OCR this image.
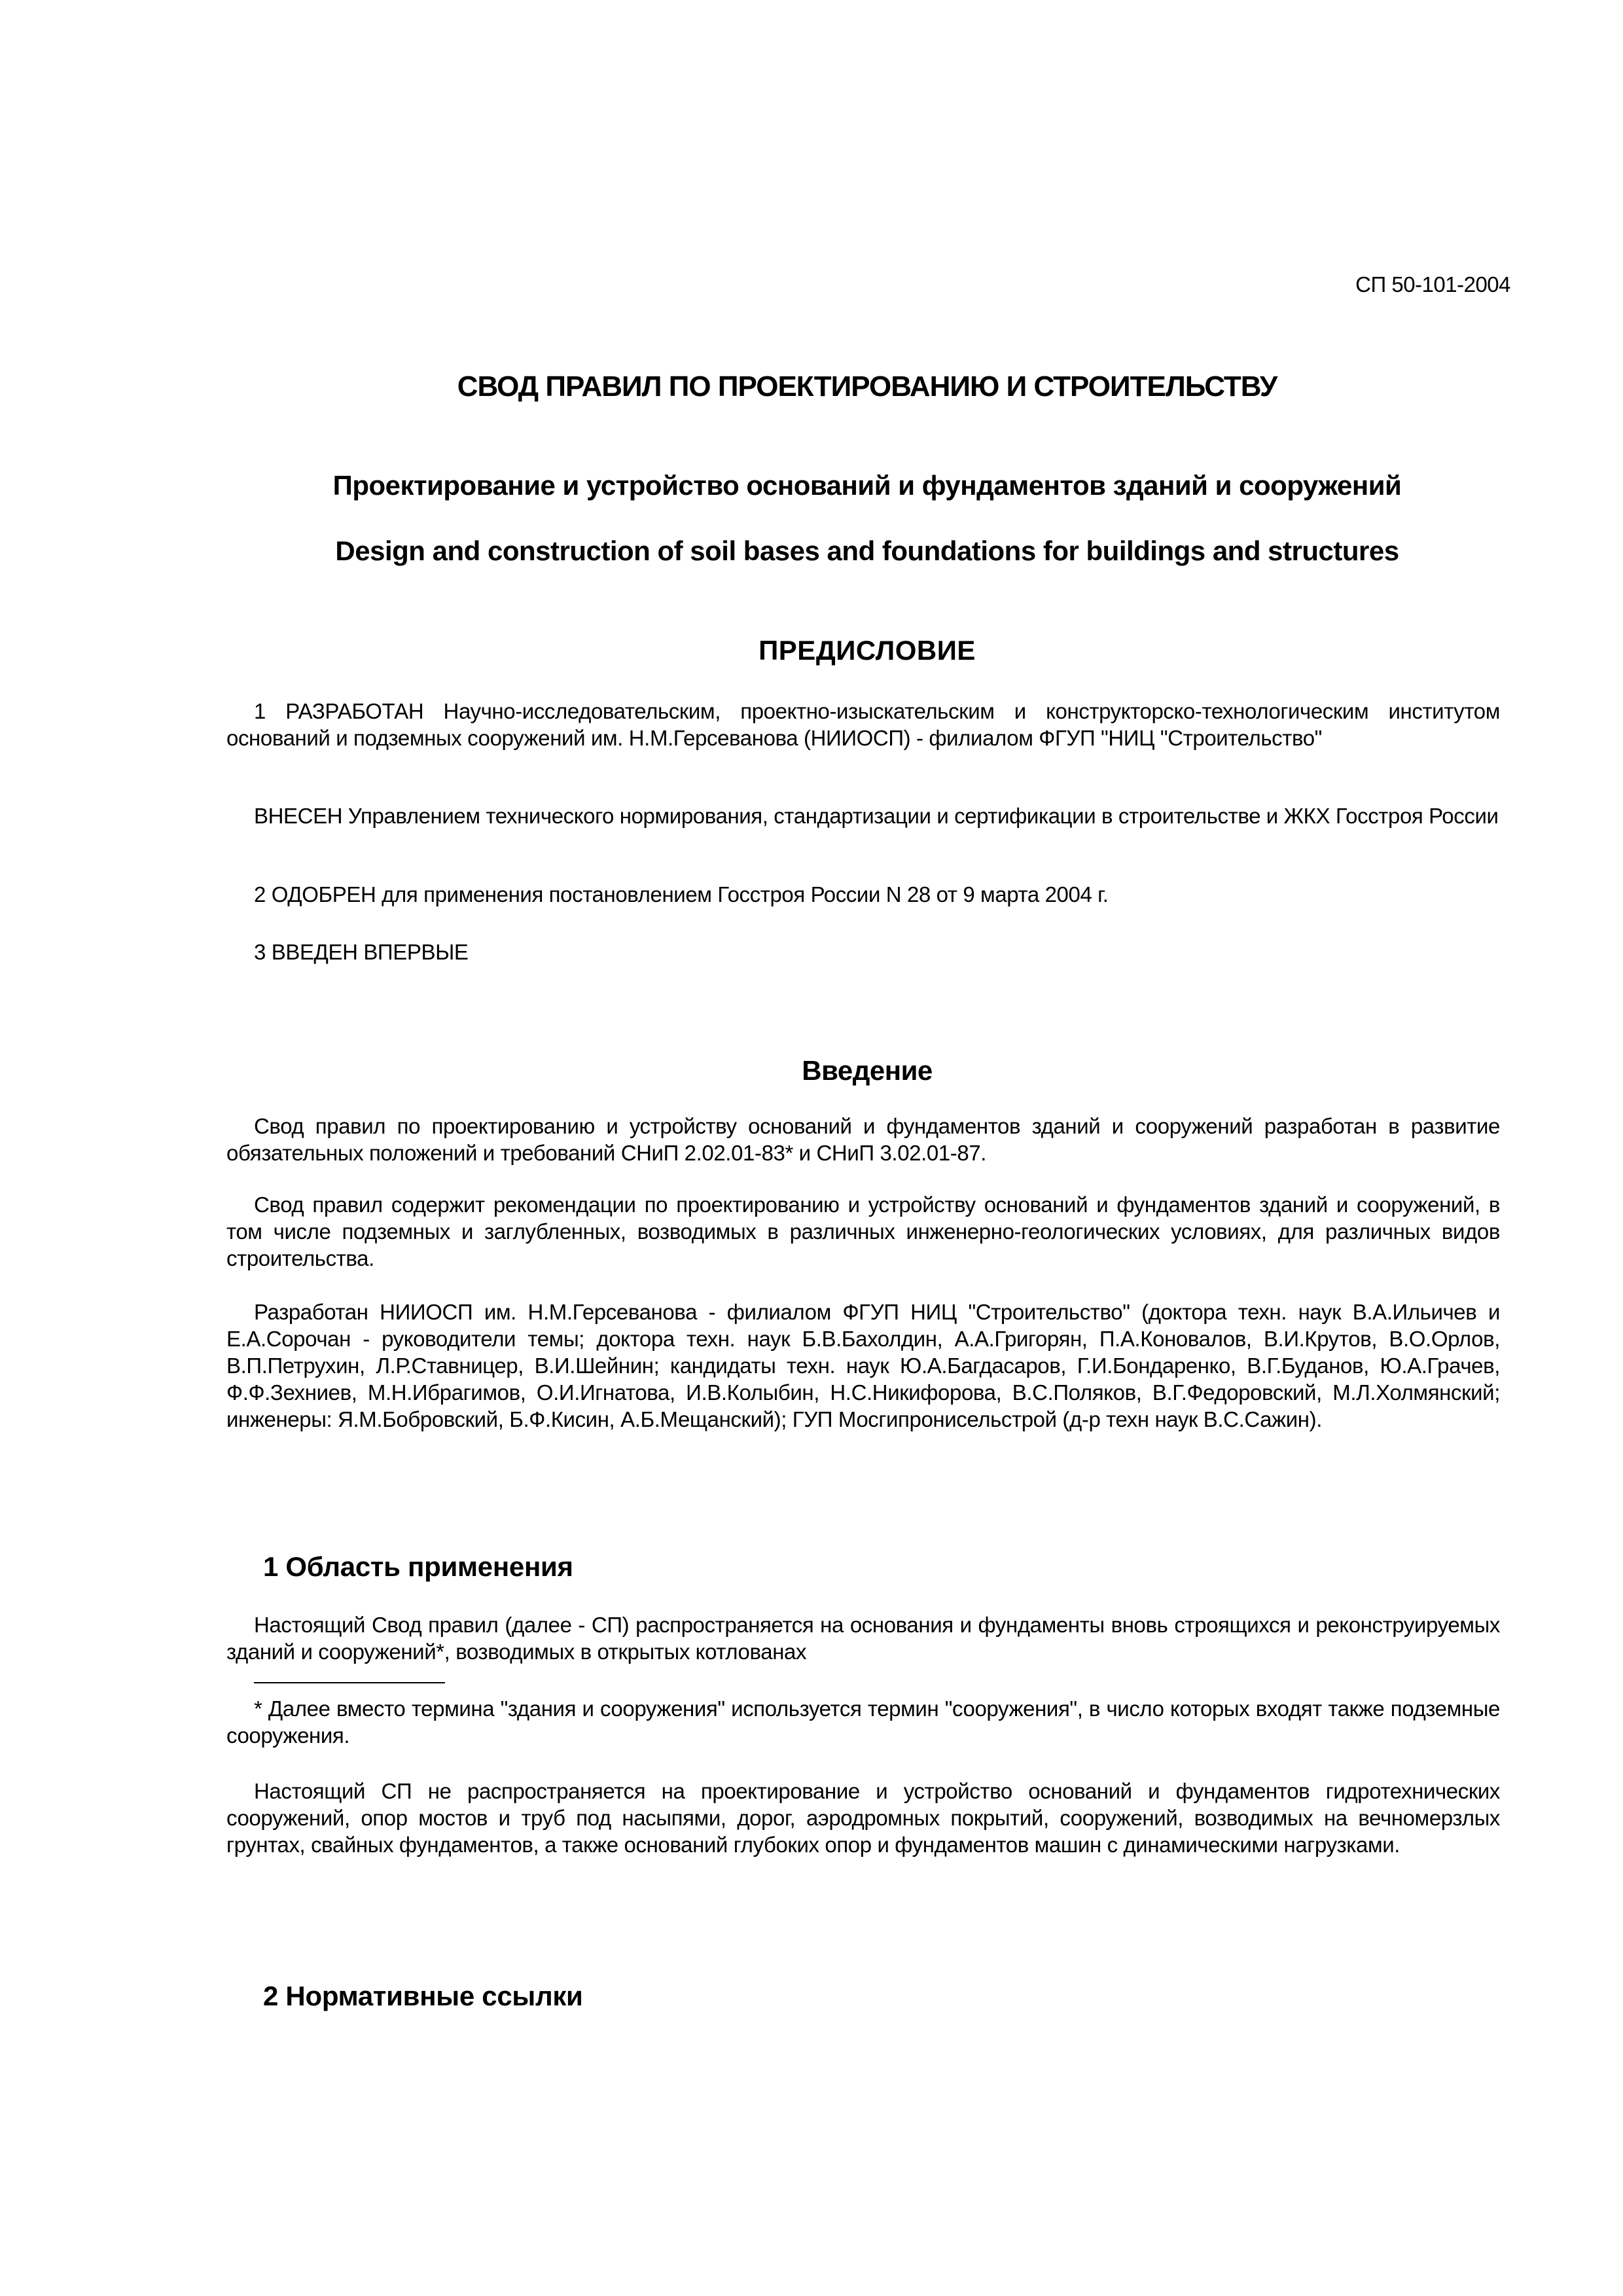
СП 50-101-2004
СВОД ПРАВИЛ ПО ПРОЕКТИРОВАНИЮ И СТРОИТЕЛЬСТВУ
Проектирование и устройство оснований и фундаментов зданий и сооружений
Design and construction of soil bases and foundations for buildings and structures
ПРЕДИСЛОВИЕ

1 РАЗРАБОТАН Научно-исследовательским, проектно-изыскательским и конструкторско-технологическим институтом оснований и подземных сооружений им. Н.М.Герсеванова (НИИОСП) - филиалом ФГУП "НИЦ "Строительство"

ВНЕСЕН Управлением технического нормирования, стандартизации и сертификации в строительстве и ЖКХ Госстроя России

2 ОДОБРЕН для применения постановлением Госстроя России N 28 от 9 марта 2004 г.

3 ВВЕДЕН ВПЕРВЫЕ

Введение

Свод правил по проектированию и устройству оснований и фундаментов зданий и сооружений разработан в развитие обязательных положений и требований СНиП 2.02.01-83* и СНиП 3.02.01-87.

Свод правил содержит рекомендации по проектированию и устройству оснований и фундаментов зданий и сооружений, в том числе подземных и заглубленных, возводимых в различных инженерно-геологических условиях, для различных видов строительства.

Разработан НИИОСП им. Н.М.Герсеванова - филиалом ФГУП НИЦ "Строительство" (доктора техн. наук В.А.Ильичев и Е.А.Сорочан - руководители темы; доктора техн. наук Б.В.Бахолдин, А.А.Григорян, П.А.Коновалов, В.И.Крутов, В.О.Орлов, В.П.Петрухин, Л.Р.Ставницер, В.И.Шейнин; кандидаты техн. наук Ю.А.Багдасаров, Г.И.Бондаренко, В.Г.Буданов, Ю.А.Грачев, Ф.Ф.Зехниев, М.Н.Ибрагимов, О.И.Игнатова, И.В.Колыбин, Н.С.Никифорова, В.С.Поляков, В.Г.Федоровский, М.Л.Холмянский; инженеры: Я.М.Бобровский, Б.Ф.Кисин, А.Б.Мещанский); ГУП Мосгипронисельстрой (д-р техн наук В.С.Сажин).

1 Область применения

Настоящий Свод правил (далее - СП) распространяется на основания и фундаменты вновь строящихся и реконструируемых зданий и сооружений*, возводимых в открытых котлованах

* Далее вместо термина "здания и сооружения" используется термин "сооружения", в число которых входят также подземные сооружения.

Настоящий СП не распространяется на проектирование и устройство оснований и фундаментов гидротехнических сооружений, опор мостов и труб под насыпями, дорог, аэродромных покрытий, сооружений, возводимых на вечномерзлых грунтах, свайных фундаментов, а также оснований глубоких опор и фундаментов машин с динамическими нагрузками.

2 Нормативные ссылки
